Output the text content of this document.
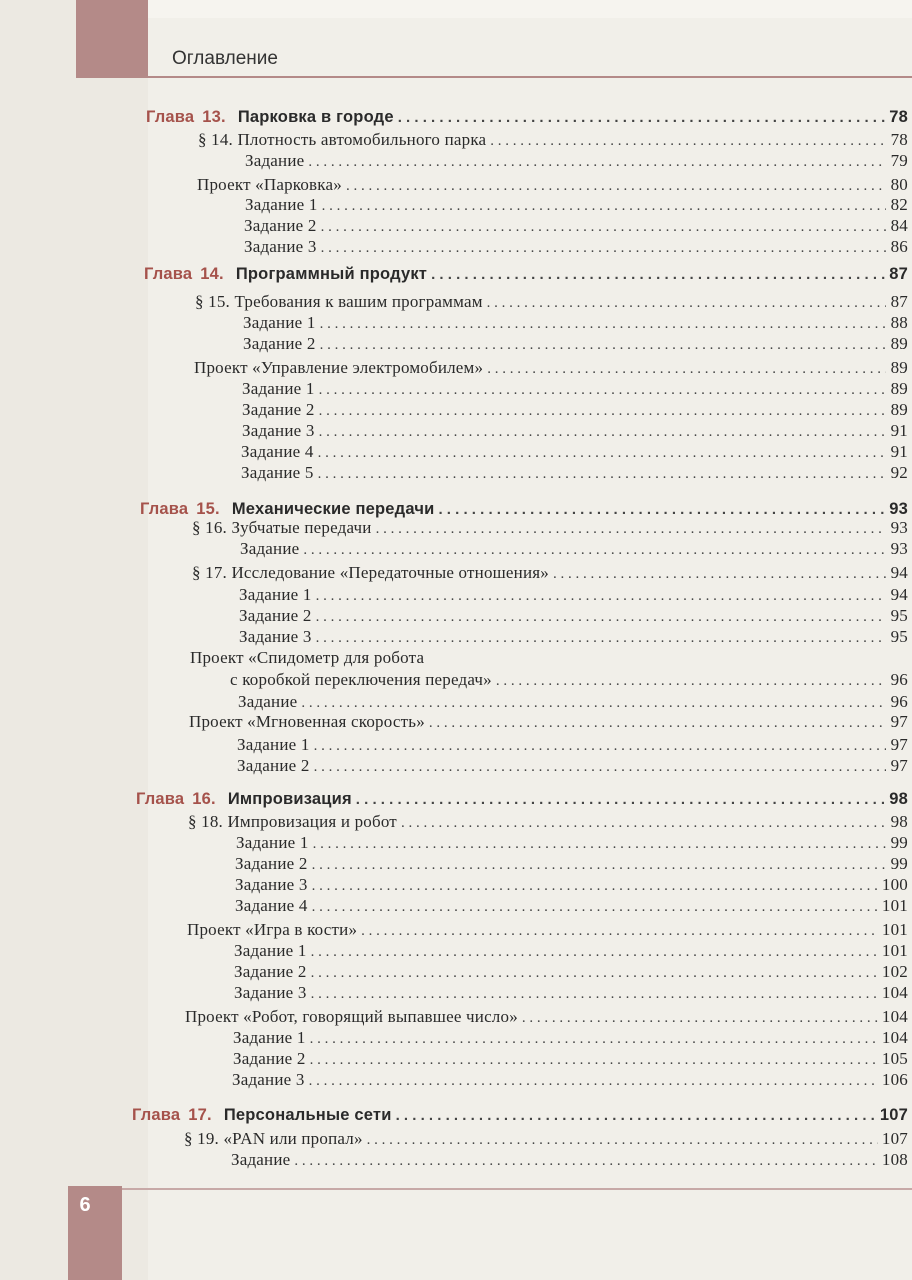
Оглавление
Глава 13. Парковка в городе . . .	78
§ 14. Плотность автомобильного парка . . .	78
Задание . . .	79
Проект «Парковка» . . .	80
Задание 1 . . .	82
Задание 2 . . .	84
Задание 3 . . .	86
Глава 14. Программный продукт . . .	87
§ 15. Требования к вашим программам . . .	87
Задание 1 . . .	88
Задание 2 . . .	89
Проект «Управление электромобилем» . . .	89
Задание 1 . . .	89
Задание 2 . . .	89
Задание 3 . . .	91
Задание 4 . . .	91
Задание 5 . . .	92
Глава 15. Механические передачи . . .	93
§ 16. Зубчатые передачи . . .	93
Задание . . .	93
§ 17. Исследование «Передаточные отношения» . . .	94
Задание 1 . . .	94
Задание 2 . . .	95
Задание 3 . . .	95
Проект «Спидометр для робота
с коробкой переключения передач» . . .	96
Задание . . .	96
Проект «Мгновенная скорость» . . .	97
Задание 1 . . .	97
Задание 2 . . .	97
Глава 16. Импровизация . . .	98
§ 18. Импровизация и робот . . .	98
Задание 1 . . .	99
Задание 2 . . .	99
Задание 3 . . .	100
Задание 4 . . .	101
Проект «Игра в кости» . . .	101
Задание 1 . . .	101
Задание 2 . . .	102
Задание 3 . . .	104
Проект «Робот, говорящий выпавшее число» . . .	104
Задание 1 . . .	104
Задание 2 . . .	105
Задание 3 . . .	106
Глава 17. Персональные сети . . .	107
§ 19. «PAN или пропал» . . .	107
Задание . . .	108
6
